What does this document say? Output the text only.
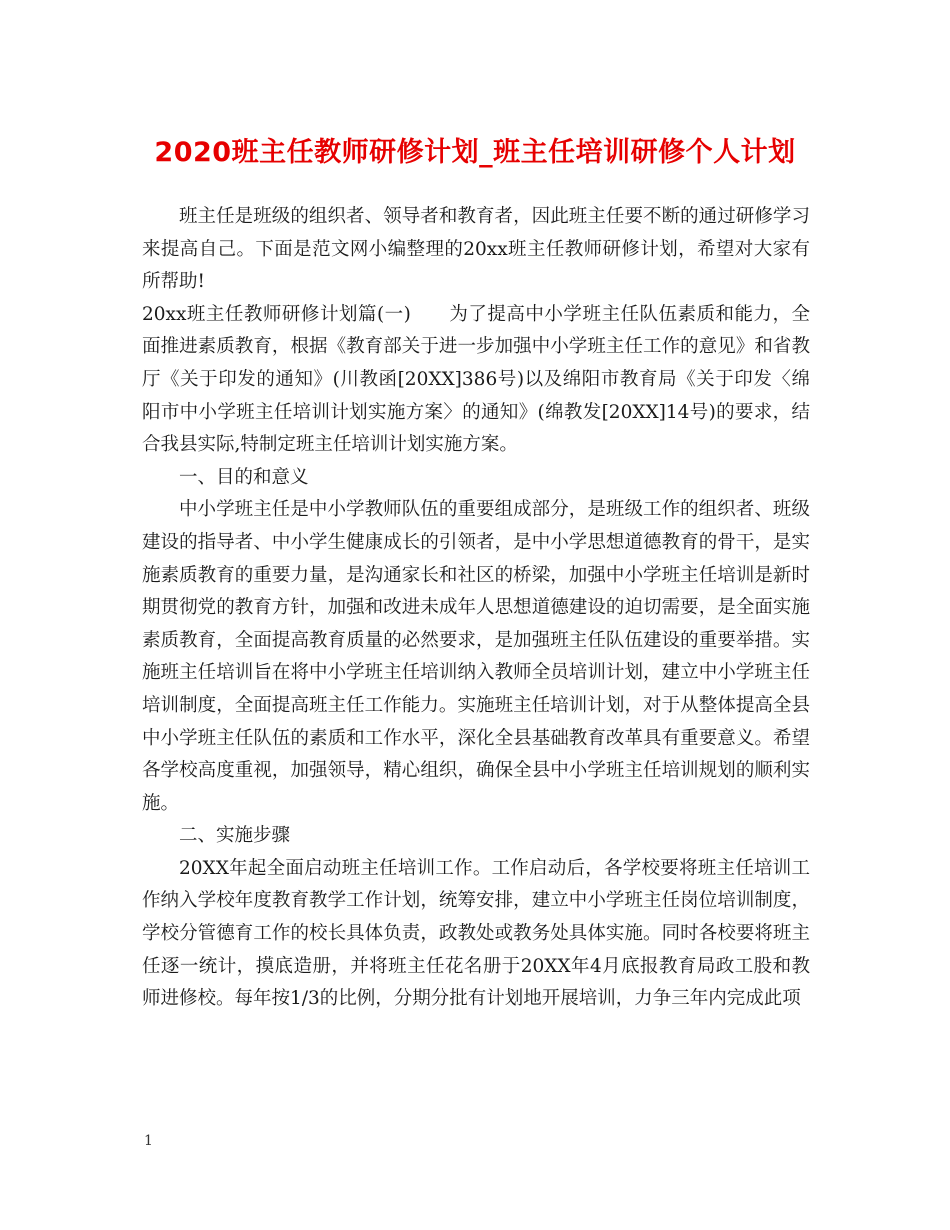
2020班主任教师研修计划_班主任培训研修个人计划

班主任是班级的组织者、领导者和教育者，因此班主任要不断的通过研修学习来提高自己。下面是范文网小编整理的20xx班主任教师研修计划，希望对大家有所帮助!

20xx班主任教师研修计划篇(一)　　为了提高中小学班主任队伍素质和能力，全面推进素质教育，根据《教育部关于进一步加强中小学班主任工作的意见》和省教厅《关于印发的通知》(川教函[20XX]386号)以及绵阳市教育局《关于印发〈绵阳市中小学班主任培训计划实施方案〉的通知》(绵教发[20XX]14号)的要求，结合我县实际,特制定班主任培训计划实施方案。

一、目的和意义

中小学班主任是中小学教师队伍的重要组成部分，是班级工作的组织者、班级建设的指导者、中小学生健康成长的引领者，是中小学思想道德教育的骨干，是实施素质教育的重要力量，是沟通家长和社区的桥梁，加强中小学班主任培训是新时期贯彻党的教育方针，加强和改进未成年人思想道德建设的迫切需要，是全面实施素质教育，全面提高教育质量的必然要求，是加强班主任队伍建设的重要举措。实施班主任培训旨在将中小学班主任培训纳入教师全员培训计划，建立中小学班主任培训制度，全面提高班主任工作能力。实施班主任培训计划，对于从整体提高全县中小学班主任队伍的素质和工作水平，深化全县基础教育改革具有重要意义。希望各学校高度重视，加强领导，精心组织，确保全县中小学班主任培训规划的顺利实施。

二、实施步骤

20XX年起全面启动班主任培训工作。工作启动后，各学校要将班主任培训工作纳入学校年度教育教学工作计划，统筹安排，建立中小学班主任岗位培训制度，学校分管德育工作的校长具体负责，政教处或教务处具体实施。同时各校要将班主任逐一统计，摸底造册，并将班主任花名册于20XX年4月底报教育局政工股和教师进修校。每年按1/3的比例，分期分批有计划地开展培训，力争三年内完成此项

1
